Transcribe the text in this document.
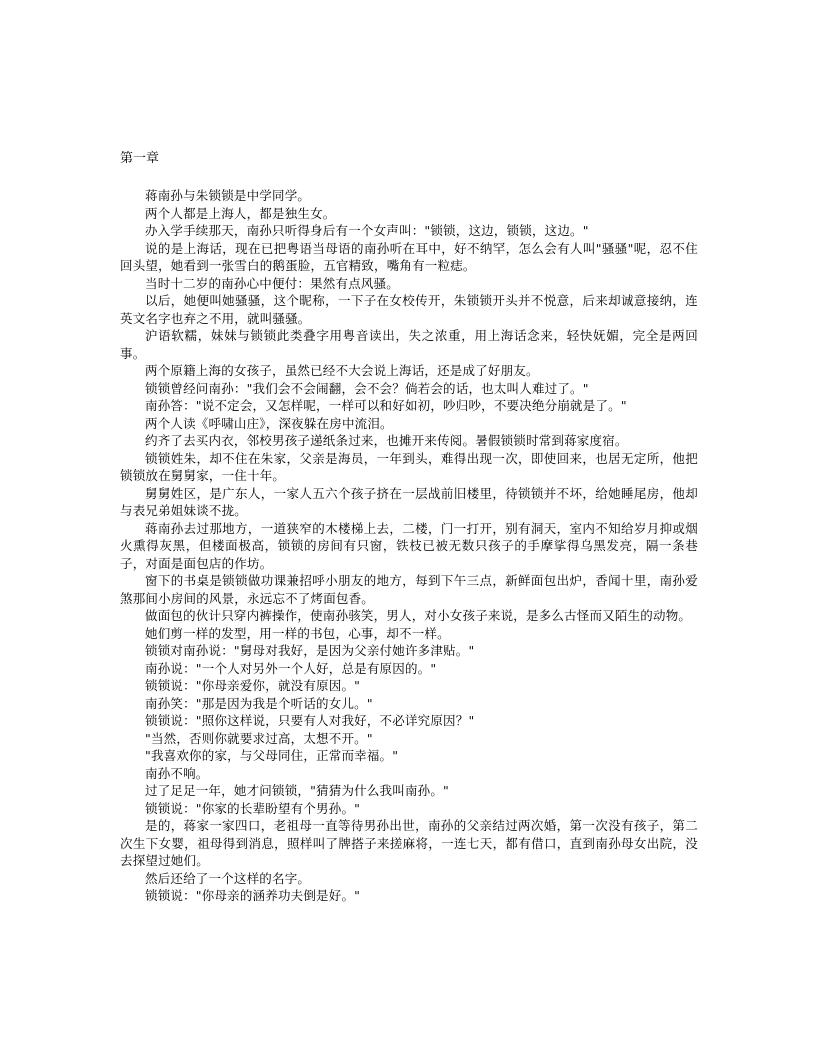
第一章

蒋南孙与朱锁锁是中学同学。

两个人都是上海人，都是独生女。

办入学手续那天，南孙只听得身后有一个女声叫："锁锁，这边，锁锁，这边。"

说的是上海话，现在已把粤语当母语的南孙听在耳中，好不纳罕，怎么会有人叫"骚骚"呢，忍不住回头望，她看到一张雪白的鹅蛋脸，五官精致，嘴角有一粒痣。

当时十二岁的南孙心中便付：果然有点风骚。

以后，她便叫她骚骚，这个昵称，一下子在女校传开，朱锁锁开头并不悦意，后来却诚意接纳，连英文名字也弃之不用，就叫骚骚。

沪语软糯，妹妹与锁锁此类叠字用粤音读出，失之浓重，用上海话念来，轻快妩媚，完全是两回事。

两个原籍上海的女孩子，虽然已经不大会说上海话，还是成了好朋友。

锁锁曾经问南孙："我们会不会闹翻，会不会？倘若会的话，也太叫人难过了。"

南孙答："说不定会，又怎样呢，一样可以和好如初，吵归吵，不要决绝分崩就是了。"

两个人读《呼啸山庄》，深夜躲在房中流泪。

约齐了去买内衣，邻校男孩子递纸条过来，也摊开来传阅。暑假锁锁时常到蒋家度宿。

锁锁姓朱，却不住在朱家，父亲是海员，一年到头，难得出现一次，即使回来，也居无定所，他把锁锁放在舅舅家，一住十年。

舅舅姓区，是广东人，一家人五六个孩子挤在一层战前旧楼里，待锁锁并不坏，给她睡尾房，他却与表兄弟姐妹谈不拢。

蒋南孙去过那地方，一道狭窄的木楼梯上去，二楼，门一打开，别有洞天，室内不知给岁月抑或烟火熏得灰黑，但楼面极高，锁锁的房间有只窗，铁枝已被无数只孩子的手摩挲得乌黑发亮，隔一条巷子，对面是面包店的作坊。

窗下的书桌是锁锁做功课兼招呼小朋友的地方，每到下午三点，新鲜面包出炉，香闻十里，南孙爱煞那间小房间的风景，永远忘不了烤面包香。

做面包的伙计只穿内裤操作，使南孙骇笑，男人，对小女孩子来说，是多么古怪而又陌生的动物。

她们剪一样的发型，用一样的书包，心事，却不一样。

锁锁对南孙说："舅母对我好，是因为父亲付她许多津贴。"

南孙说："一个人对另外一个人好，总是有原因的。"

锁锁说："你母亲爱你，就没有原因。"

南孙笑："那是因为我是个听话的女儿。"

锁锁说："照你这样说，只要有人对我好，不必详究原因？"

"当然，否则你就要求过高，太想不开。"

"我喜欢你的家，与父母同住，正常而幸福。"

南孙不响。

过了足足一年，她才问锁锁，"猜猜为什么我叫南孙。"

锁锁说："你家的长辈盼望有个男孙。"

是的，蒋家一家四口，老祖母一直等待男孙出世，南孙的父亲结过两次婚，第一次没有孩子，第二次生下女婴，祖母得到消息，照样叫了牌搭子来搓麻将，一连七天，都有借口，直到南孙母女出院，没去探望过她们。

然后还给了一个这样的名字。

锁锁说："你母亲的涵养功夫倒是好。"
